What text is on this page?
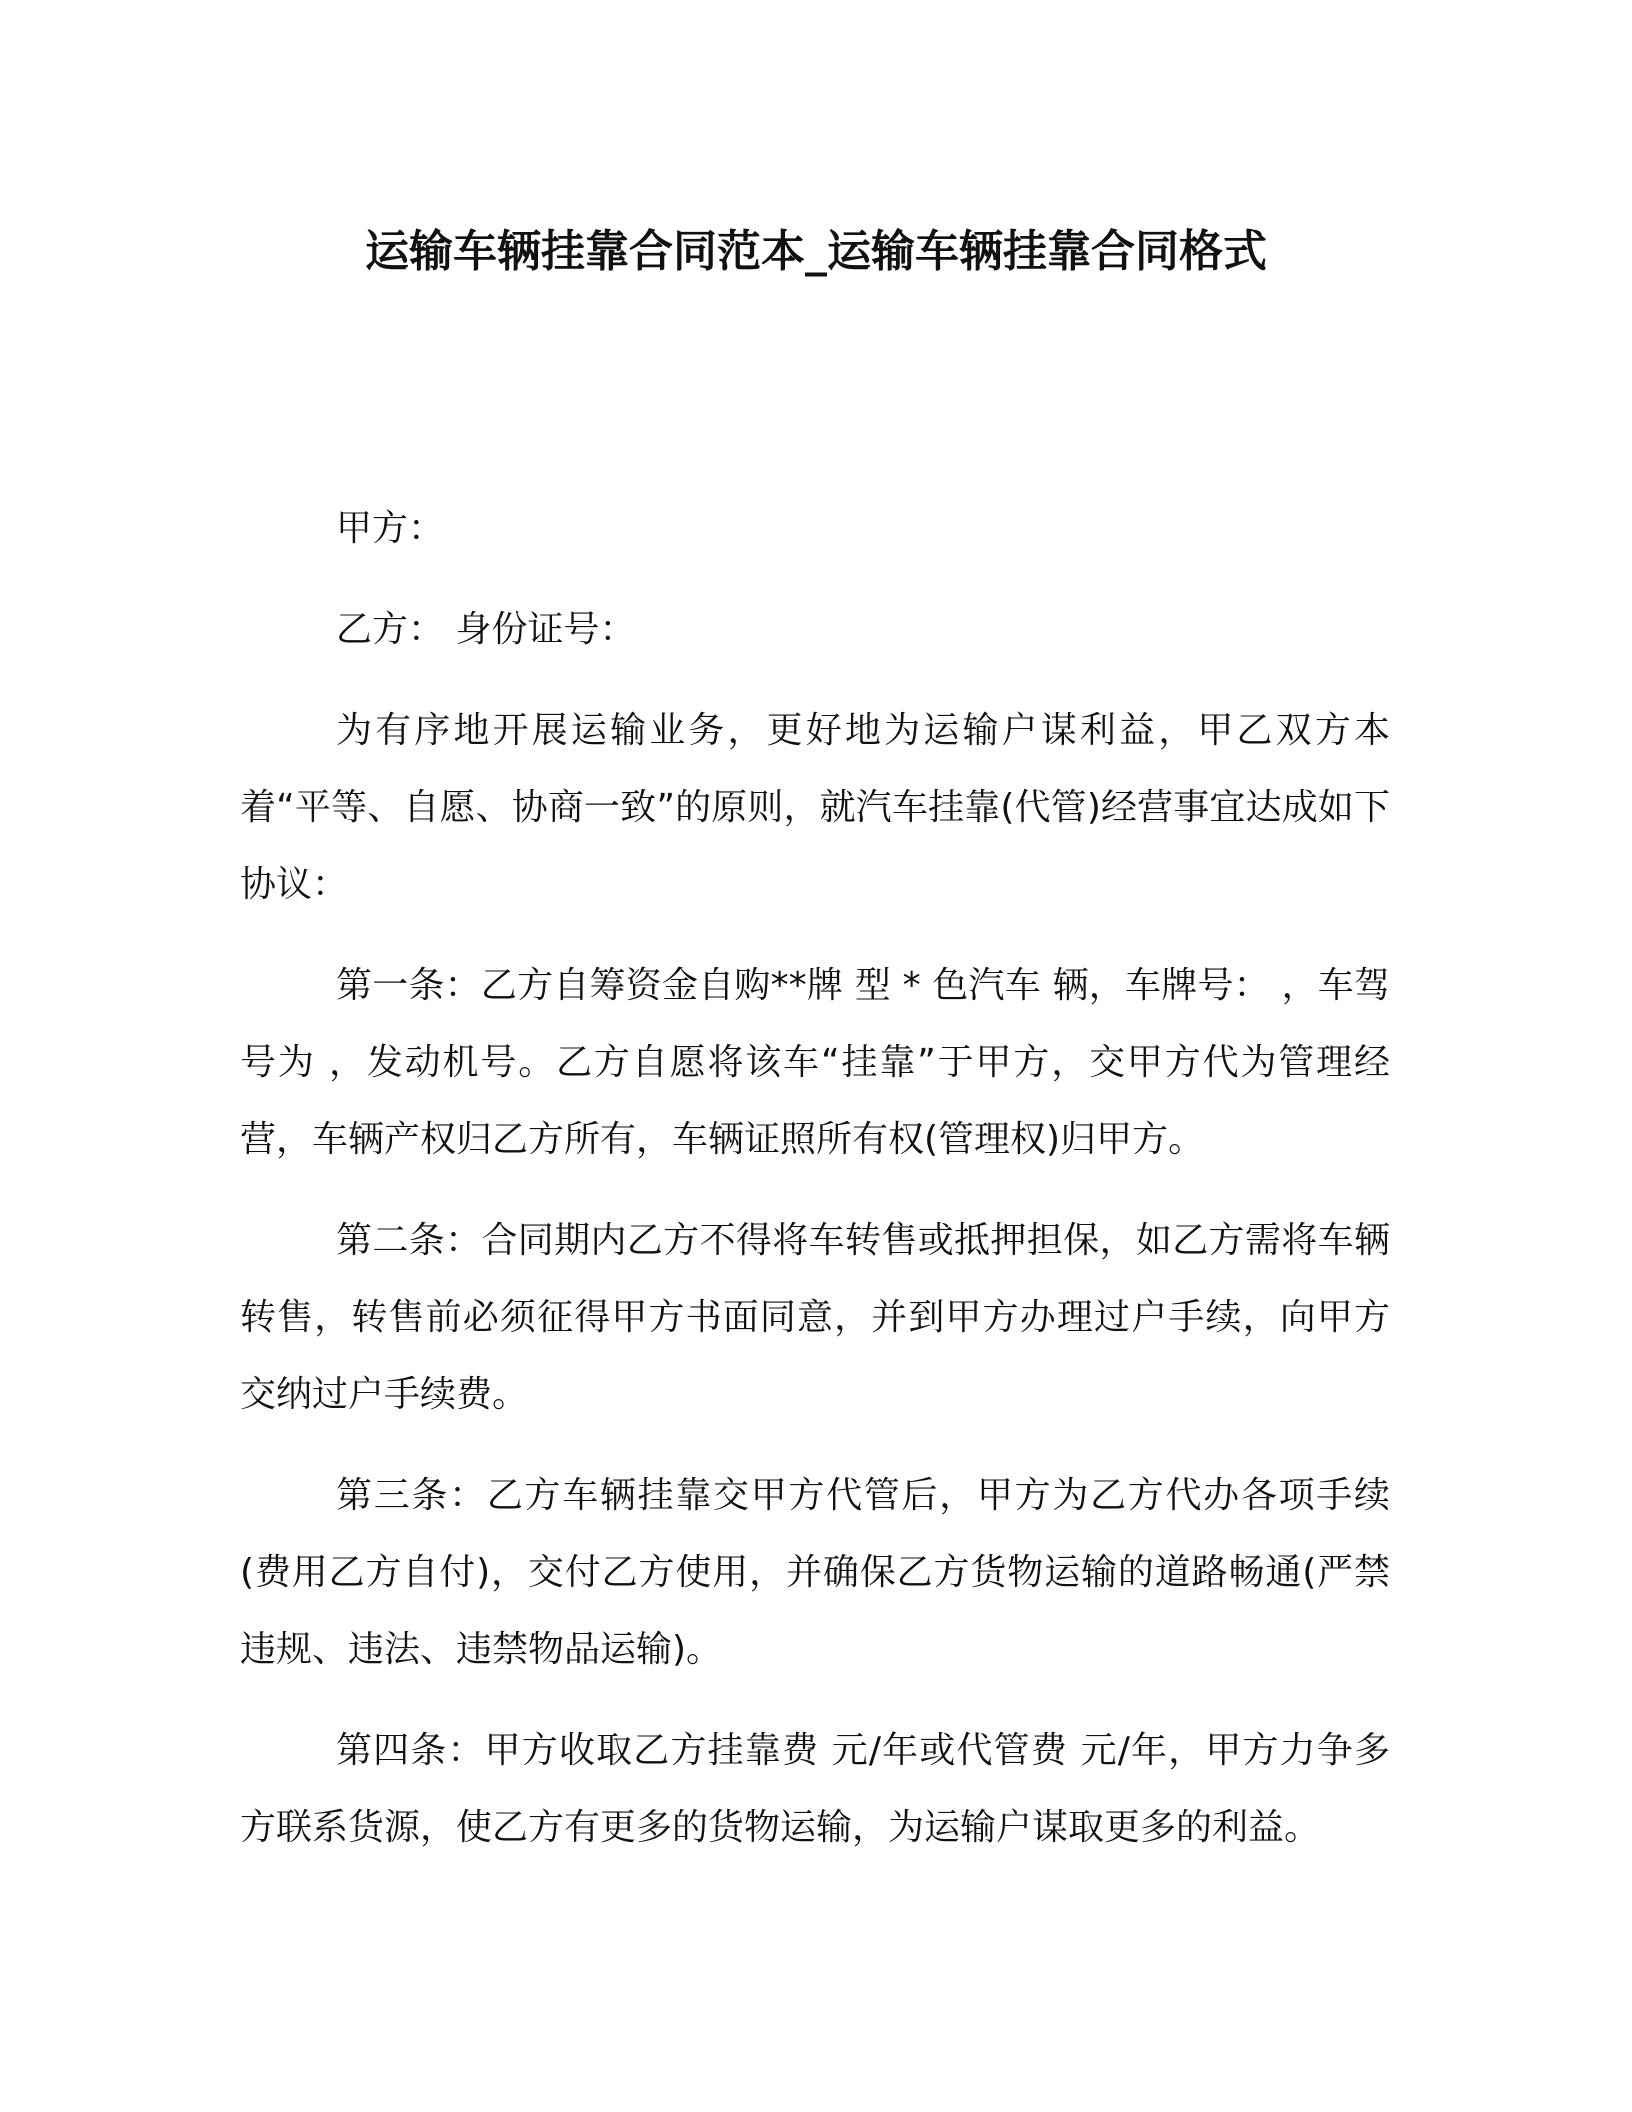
运输车辆挂靠合同范本_运输车辆挂靠合同格式

甲方：

乙方： 身份证号：

为有序地开展运输业务，更好地为运输户谋利益，甲乙双方本着“平等、自愿、协商一致”的原则，就汽车挂靠(代管)经营事宜达成如下协议：

第一条：乙方自筹资金自购**牌 型 * 色汽车 辆，车牌号： ，车驾号为 ，发动机号。乙方自愿将该车“挂靠”于甲方，交甲方代为管理经营，车辆产权归乙方所有，车辆证照所有权(管理权)归甲方。

第二条：合同期内乙方不得将车转售或抵押担保，如乙方需将车辆转售，转售前必须征得甲方书面同意，并到甲方办理过户手续，向甲方交纳过户手续费。

第三条：乙方车辆挂靠交甲方代管后，甲方为乙方代办各项手续(费用乙方自付)，交付乙方使用，并确保乙方货物运输的道路畅通(严禁违规、违法、违禁物品运输)。

第四条：甲方收取乙方挂靠费 元/年或代管费 元/年，甲方力争多方联系货源，使乙方有更多的货物运输，为运输户谋取更多的利益。
